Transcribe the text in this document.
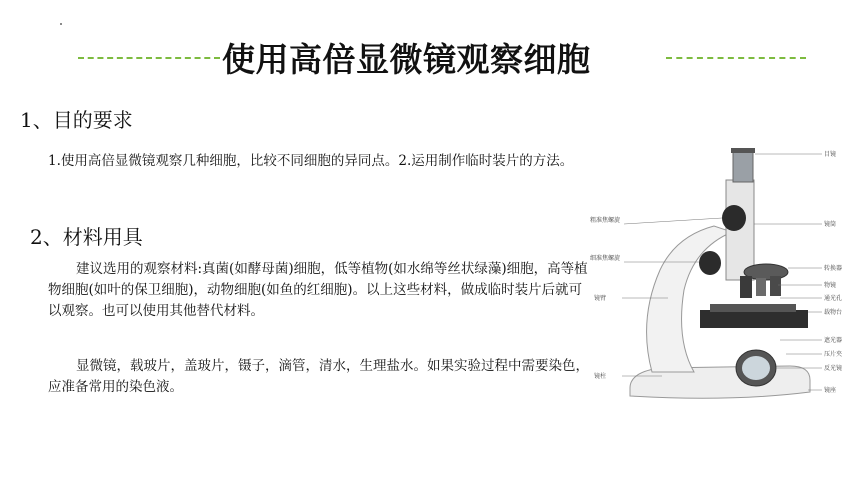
使用高倍显微镜观察细胞
1、目的要求
1.使用高倍显微镜观察几种细胞，比较不同细胞的异同点。2.运用制作临时装片的方法。
2、材料用具
建议选用的观察材料:真菌(如酵母菌)细胞，低等植物(如水绵等丝状绿藻)细胞，高等植物细胞(如叶的保卫细胞)，动物细胞(如鱼的红细胞)。以上这些材料，做成临时装片后就可以观察。也可以使用其他替代材料。
显微镜，载玻片，盖玻片，镊子，滴管，清水，生理盐水。如果实验过程中需要染色，应准备常用的染色液。
目镜
镜筒
粗准焦螺旋
细准焦螺旋
转换器
物镜
通光孔
镜臂
载物台
遮光器
压片夹
反光镜
镜柱
镜座
